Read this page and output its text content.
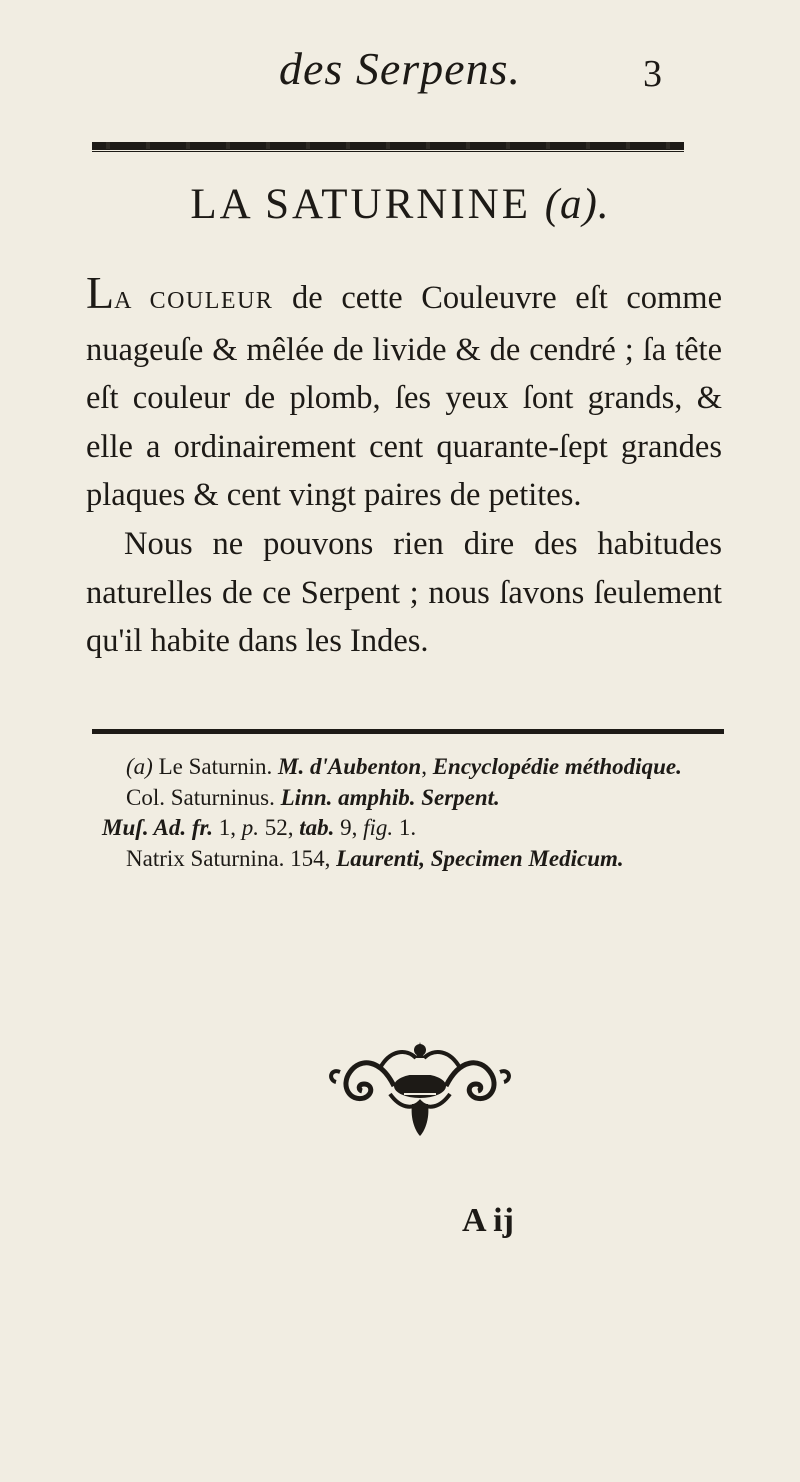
des Serpens.	3
LA SATURNINE (a).

LA COULEUR de cette Couleuvre eſt comme nuageuſe & mêlée de livide & de cendré ; ſa tête eſt couleur de plomb, ſes yeux ſont grands, & elle a ordinairement cent quarante-ſept grandes plaques & cent vingt paires de petites.

Nous ne pouvons rien dire des habitudes naturelles de ce Serpent ; nous ſavons ſeulement qu'il habite dans les Indes.

(a) Le Saturnin. M. d'Aubenton, Encyclopédie méthodique.

Col. Saturninus. Linn. amphib. Serpent.

Muſ. Ad. fr. 1, p. 52, tab. 9, fig. 1.

Natrix Saturnina. 154, Laurenti, Specimen Medicum.

A ij
